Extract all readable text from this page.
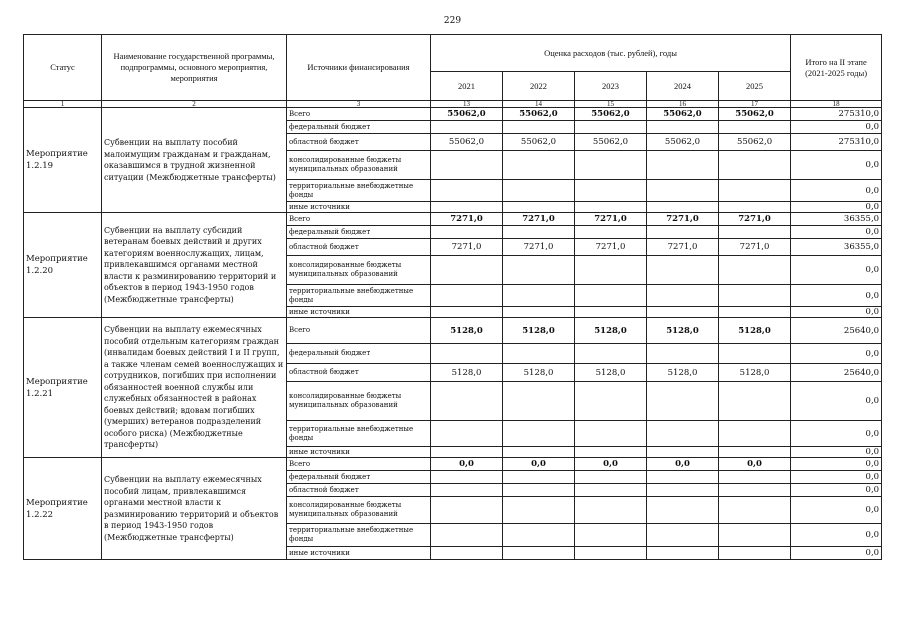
229
Статус	Наименование государственной программы, подпрограммы, основного мероприятия, мероприятия	Источники финансирования	Оценка расходов (тыс. рублей), годы					Итого на II этапе (2021-2025 годы)
			2021	2022	2023	2024	2025	
1	2	3	13	14	15	16	17	18
Мероприятие 1.2.19	Субвенции на выплату пособий малоимущим гражданам и гражданам, оказавшимся в трудной жизненной ситуации (Межбюджетные трансферты)	Всего	55062,0	55062,0	55062,0	55062,0	55062,0	275310,0
		федеральный бюджет						0,0
		областной бюджет	55062,0	55062,0	55062,0	55062,0	55062,0	275310,0
		консолидированные бюджеты муниципальных образований						0,0
		территориальные внебюджетные фонды						0,0
		иные источники						0,0
Мероприятие 1.2.20	Субвенции на выплату субсидий ветеранам боевых действий и других категориям военнослужащих, лицам, привлекавшимся органами местной власти к разминированию территорий и объектов в период 1943-1950 годов (Межбюджетные трансферты)	Всего	7271,0	7271,0	7271,0	7271,0	7271,0	36355,0
		федеральный бюджет						0,0
		областной бюджет	7271,0	7271,0	7271,0	7271,0	7271,0	36355,0
		консолидированные бюджеты муниципальных образований						0,0
		территориальные внебюджетные фонды						0,0
		иные источники						0,0
Мероприятие 1.2.21	Субвенции на выплату ежемесячных пособий отдельным категориям граждан (инвалидам боевых действий I и II групп, а также членам семей военнослужащих и сотрудников, погибших при исполнении обязанностей военной службы или служебных обязанностей в районах боевых действий; вдовам погибших (умерших) ветеранов подразделений особого риска) (Межбюджетные трансферты)	Всего	5128,0	5128,0	5128,0	5128,0	5128,0	25640,0
		федеральный бюджет						0,0
		областной бюджет	5128,0	5128,0	5128,0	5128,0	5128,0	25640,0
		консолидированные бюджеты муниципальных образований						0,0
		территориальные внебюджетные фонды						0,0
		иные источники						0,0
Мероприятие 1.2.22	Субвенции на выплату ежемесячных пособий лицам, привлекавшимся органами местной власти к разминированию территорий и объектов в период 1943-1950 годов (Межбюджетные трансферты)	Всего	0,0	0,0	0,0	0,0	0,0	0,0
		федеральный бюджет						0,0
		областной бюджет						0,0
		консолидированные бюджеты муниципальных образований						0,0
		территориальные внебюджетные фонды						0,0
		иные источники						0,0
